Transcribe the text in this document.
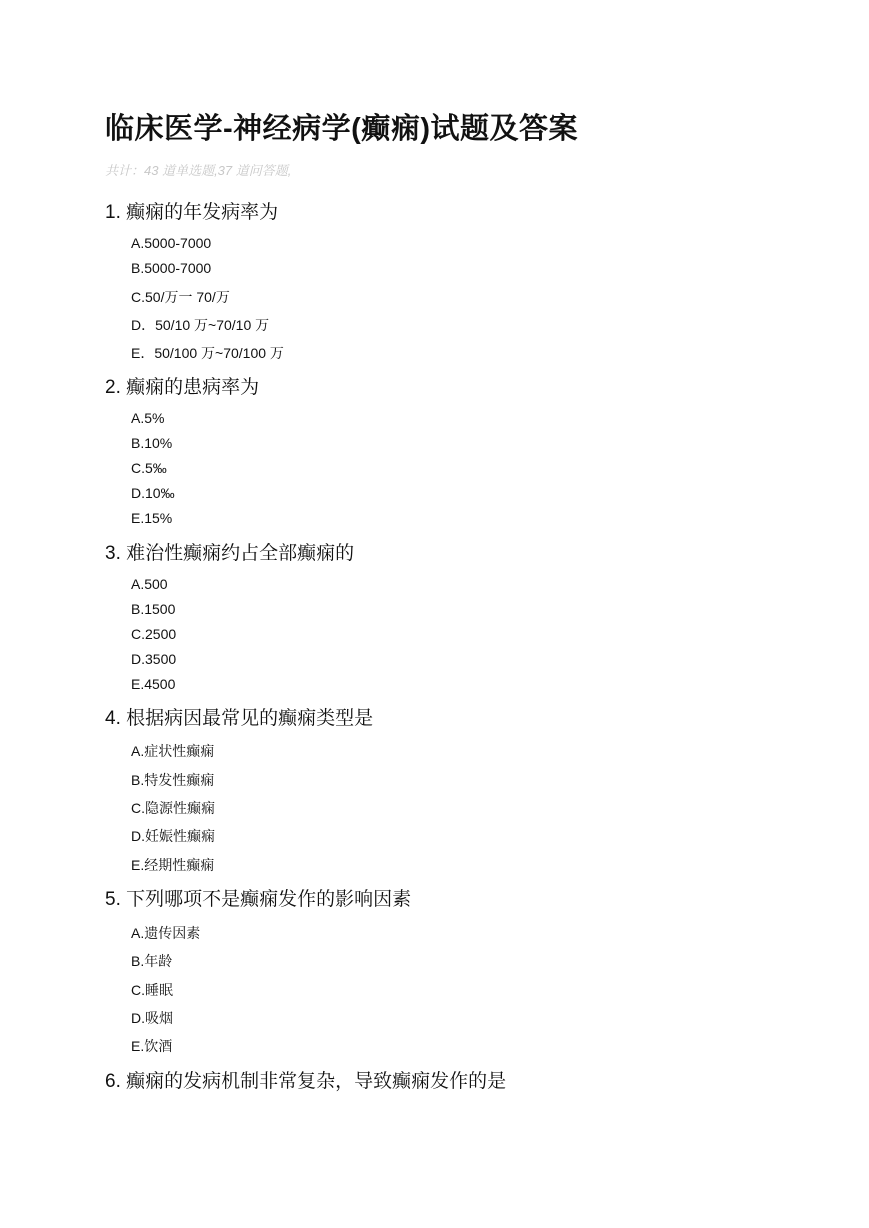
临床医学-神经病学(癫痫)试题及答案
共计：43 道单选题,37 道问答题,
1. 癫痫的年发病率为
A.5000-7000
B.5000-7000
C.50/万一 70/万
D．50/10 万~70/10 万
E．50/100 万~70/100 万
2. 癫痫的患病率为
A.5%
B.10%
C.5‰
D.10‰
E.15%
3. 难治性癫痫约占全部癫痫的
A.500
B.1500
C.2500
D.3500
E.4500
4. 根据病因最常见的癫痫类型是
A.症状性癫痫
B.特发性癫痫
C.隐源性癫痫
D.妊娠性癫痫
E.经期性癫痫
5. 下列哪项不是癫痫发作的影响因素
A.遗传因素
B.年龄
C.睡眠
D.吸烟
E.饮酒
6. 癫痫的发病机制非常复杂，导致癫痫发作的是
